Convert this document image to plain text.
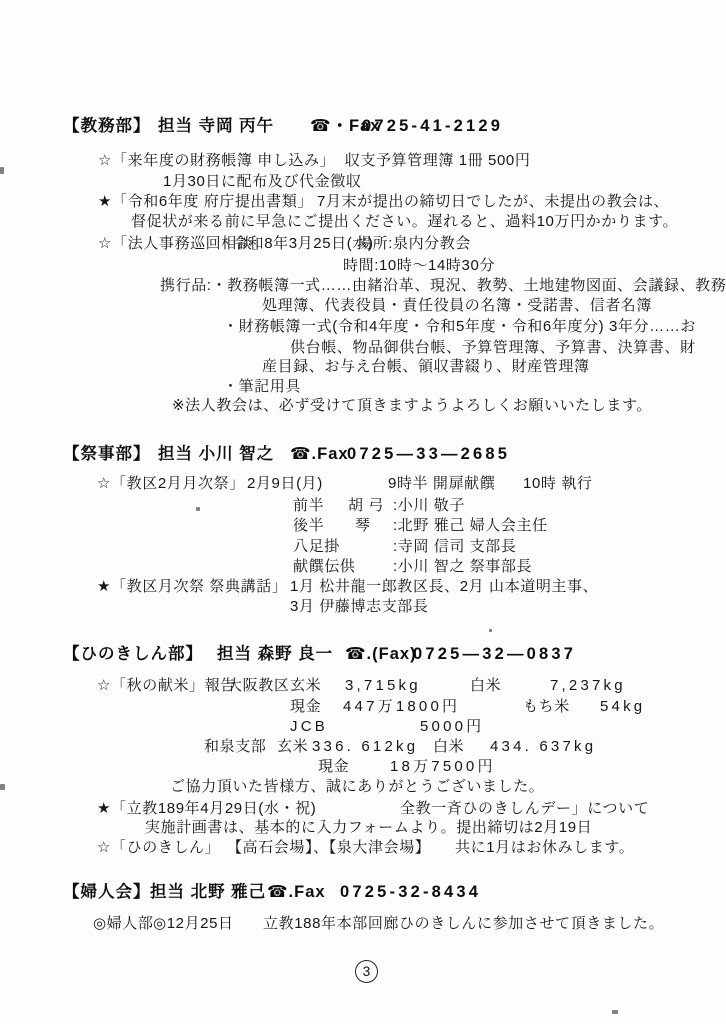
3
【教務部】 担当 寺岡 丙午 ☎・Fax
0725-41-2129
☆「来年度の財務帳簿 申し込み」  収支予算管理簿 1冊 500円
1月30日に配布及び代金徴収
★「令和6年度 府庁提出書類」 7月末が提出の締切日でしたが、未提出の教会は、
督促状が来る前に早急にご提出ください。遅れると、過料10万円かかります。
☆「法人事務巡回相談」
令和8年3月25日(水)
場所:泉内分教会
時間:10時〜14時30分
携行品:・教務帳簿一式……由緒沿革、現況、教勢、土地建物図面、会議録、教務
処理簿、代表役員・責任役員の名簿・受諾書、信者名簿
・財務帳簿一式(令和4年度・令和5年度・令和6年度分) 3年分……お
供台帳、物品御供台帳、予算管理簿、予算書、決算書、財
産目録、お与え台帳、領収書綴り、財産管理簿
・筆記用具
※法人教会は、必ず受けて頂きますようよろしくお願いいたします。
【祭事部】 担当 小川 智之 ☎.Fax
0725—33—2685
☆「教区2月月次祭」 2月9日(月)	9時半 開扉献饌 10時 執行
前半 胡 弓 :小川 敬子
後半 琴 :北野 雅己 婦人会主任
八足掛	:寺岡 信司 支部長
献饌伝供	:小川 智之 祭事部長
★「教区月次祭 祭典講話」 1月 松井龍一郎教区長、2月 山本道明主事、
3月 伊藤博志支部長
【ひのきしん部】 担当 森野 良一 ☎.(Fax)
0725—32—0837
☆「秋の献米」報告
大阪教区 玄米 3,715kg	白米	7,237kg
現金 447万1800円	もち米 54kg
JCB	5000円
和泉支部 玄米 336. 612kg 白米 434. 637kg
現金	18万7500円
ご協力頂いた皆様方、誠にありがとうございました。
★「立教189年4月29日(水・祝)	全教一斉ひのきしんデー」について
実施計画書は、基本的に入力フォームより。提出締切は2月19日
☆「ひのきしん」 【高石会場】、【泉大津会場】 共に1月はお休みします。
【婦人会】 担当 北野 雅己 ☎.Fax 0725-32-8434
◎婦人部 ◎12月25日 立教188年本部回廊ひのきしんに参加させて頂きました。
